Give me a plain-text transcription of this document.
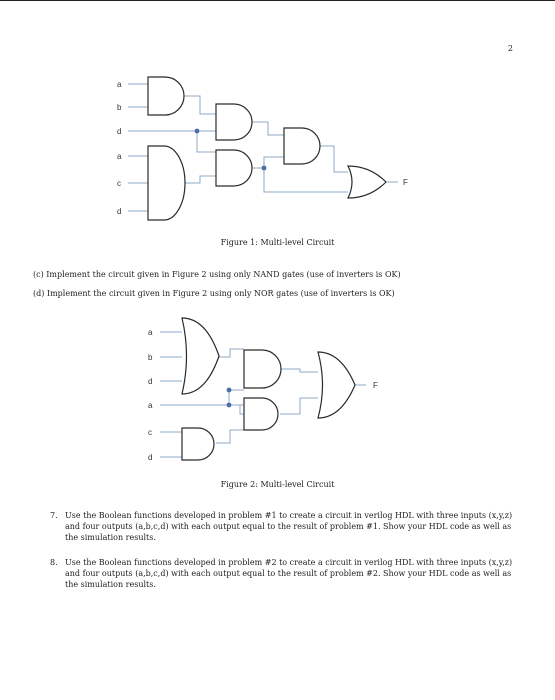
2
a
b
d
a
c
d
F
Figure 1: Multi-level Circuit
(c) Implement the circuit given in Figure 2 using only NAND gates (use of inverters is OK)
(d) Implement the circuit given in Figure 2 using only NOR gates (use of inverters is OK)
a
b
d
a
c
d
F
Figure 2: Multi-level Circuit
7. Use the Boolean functions developed in problem #1 to create a circuit in verilog HDL with three inputs (x,y,z) and four outputs (a,b,c,d) with each output equal to the result of problem #1. Show your HDL code as well as the simulation results.
8. Use the Boolean functions developed in problem #2 to create a circuit in verilog HDL with three inputs (x,y,z) and four outputs (a,b,c,d) with each output equal to the result of problem #2. Show your HDL code as well as the simulation results.
